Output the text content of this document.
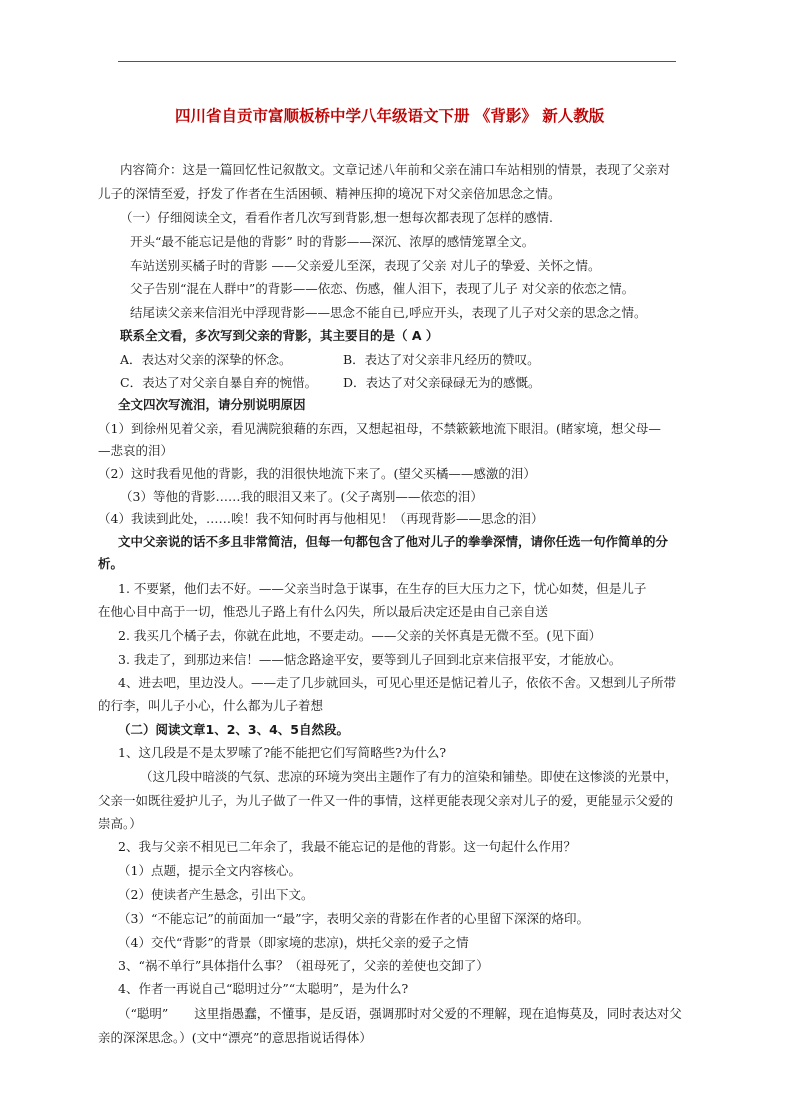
四川省自贡市富顺板桥中学八年级语文下册 《背影》 新人教版
内容简介：这是一篇回忆性记叙散文。文章记述八年前和父亲在浦口车站相别的情景，表现了父亲对
儿子的深情至爱，抒发了作者在生活困顿、精神压抑的境况下对父亲倍加思念之情。
（一）仔细阅读全文，看看作者几次写到背影,想一想每次都表现了怎样的感情.
开头“最不能忘记是他的背影” 时的背影——深沉、浓厚的感情笼罩全文。
车站送别买橘子时的背影 ——父亲爱儿至深，表现了父亲 对儿子的挚爱、关怀之情。
父子告别“混在人群中”的背影——依恋、伤感，催人泪下，表现了儿子 对父亲的依恋之情。
结尾读父亲来信泪光中浮现背影——思念不能自已,呼应开头，表现了儿子对父亲的思念之情。
联系全文看，多次写到父亲的背影，其主要目的是（ A ）
A．表达对父亲的深挚的怀念。	B．表达了对父亲非凡经历的赞叹。
C．表达了对父亲自暴自弃的惋惜。 D．表达了对父亲碌碌无为的感慨。
全文四次写流泪，请分别说明原因
（1）到徐州见着父亲，看见满院狼藉的东西，又想起祖母，不禁簌簌地流下眼泪。(睹家境，想父母—
—悲哀的泪）
（2）这时我看见他的背影，我的泪很快地流下来了。(望父买橘——感激的泪）
（3）等他的背影……我的眼泪又来了。(父子离别——依恋的泪）
（4）我读到此处，……唉！我不知何时再与他相见！（再现背影——思念的泪）
文中父亲说的话不多且非常简洁，但每一句都包含了他对儿子的拳拳深情，请你任选一句作简单的分
析。
1. 不要紧，他们去不好。——父亲当时急于谋事，在生存的巨大压力之下，忧心如焚，但是儿子
在他心目中高于一切，惟恐儿子路上有什么闪失，所以最后决定还是由自己亲自送
2. 我买几个橘子去，你就在此地，不要走动。——父亲的关怀真是无微不至。(见下面）
3. 我走了，到那边来信！——惦念路途平安，要等到儿子回到北京来信报平安，才能放心。
4、进去吧，里边没人。——走了几步就回头，可见心里还是惦记着儿子，依依不舍。又想到儿子所带
的行李，叫儿子小心，什么都为儿子着想
（二）阅读文章1、2、3、4、5自然段。
1、这几段是不是太罗嗦了?能不能把它们写简略些?为什么?
（这几段中暗淡的气氛、悲凉的环境为突出主题作了有力的渲染和铺垫。即使在这惨淡的光景中，
父亲一如既往爱护儿子，为儿子做了一件又一件的事情，这样更能表现父亲对儿子的爱，更能显示父爱的
崇高。）
2、我与父亲不相见已二年余了，我最不能忘记的是他的背影。这一句起什么作用？
（1）点题，提示全文内容核心。
（2）使读者产生悬念，引出下文。
（3）“不能忘记”的前面加一“最”字，表明父亲的背影在作者的心里留下深深的烙印。
（4）交代“背影”的背景（即家境的悲凉)，烘托父亲的爱子之情
3、“祸不单行”具体指什么事？（祖母死了，父亲的差使也交卸了）
4、作者一再说自己“聪明过分”“太聪明”，是为什么?
（“聪明” 这里指愚蠢，不懂事，是反语，强调那时对父爱的不理解，现在追悔莫及，同时表达对父
亲的深深思念。）(文中“漂亮”的意思指说话得体）
